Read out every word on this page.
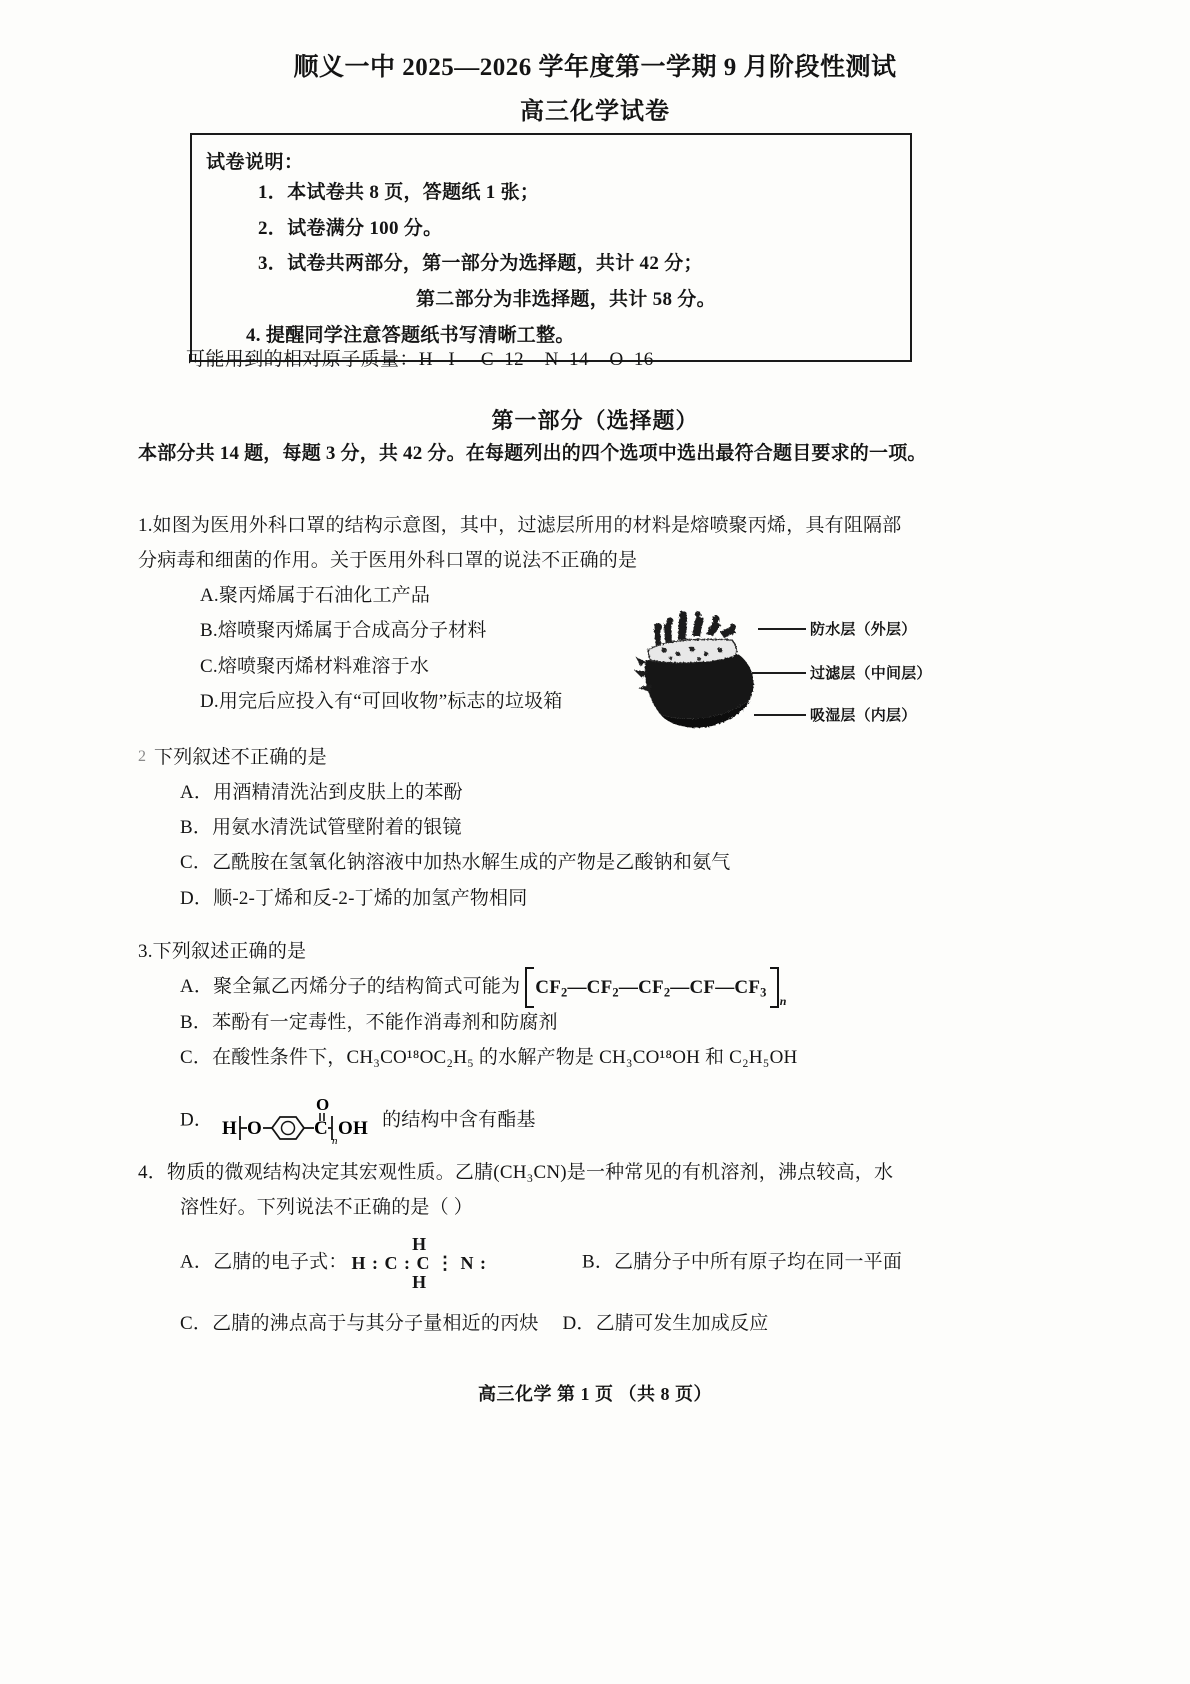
顺义一中 2025—2026 学年度第一学期 9 月阶段性测试
高三化学试卷
试卷说明：
1．本试卷共 8 页，答题纸 1 张；
2．试卷满分 100 分。
3．试卷共两部分，第一部分为选择题，共计 42 分；
第二部分为非选择题，共计 58 分。
4. 提醒同学注意答题纸书写清晰工整。
可能用到的相对原子质量：H   I     C  12    N  14    O  16
第一部分（选择题）
本部分共 14 题，每题 3 分，共 42 分。在每题列出的四个选项中选出最符合题目要求的一项。
1.如图为医用外科口罩的结构示意图，其中，过滤层所用的材料是熔喷聚丙烯，具有阻隔部
分病毒和细菌的作用。关于医用外科口罩的说法不正确的是
A.聚丙烯属于石油化工产品
B.熔喷聚丙烯属于合成高分子材料
C.熔喷聚丙烯材料难溶于水
D.用完后应投入有“可回收物”标志的垃圾箱
防水层（外层）
过滤层（中间层）
吸湿层（内层）
2 下列叙述不正确的是
A．用酒精清洗沾到皮肤上的苯酚
B．用氨水清洗试管壁附着的银镜
C．乙酰胺在氢氧化钠溶液中加热水解生成的产物是乙酸钠和氨气
D．顺-2-丁烯和反-2-丁烯的加氢产物相同
3.下列叙述正确的是
A．聚全氟乙丙烯分子的结构简式可能为 $CF_2—CF_2—CF_2—CF—CF_3$
n
B．苯酚有一定毒性，不能作消毒剂和防腐剂
C．在酸性条件下，CH₃CO¹⁸OC₂H₅ 的水解产物是 CH₃CO¹⁸OH 和 C₂H₅OH
D． H O	C
O
n
OH 的结构中含有酯基
4．物质的微观结构决定其宏观性质。乙腈(CH₃CN)是一种常见的有机溶剂，沸点较高，水
溶性好。下列说法不正确的是（ ）
A．乙腈的电子式：
H
H : C : C ⋮ N :
H
B．乙腈分子中所有原子均在同一平面
C．乙腈的沸点高于与其分子量相近的丙炔 D．乙腈可发生加成反应
高三化学 第 1 页 （共 8 页）
